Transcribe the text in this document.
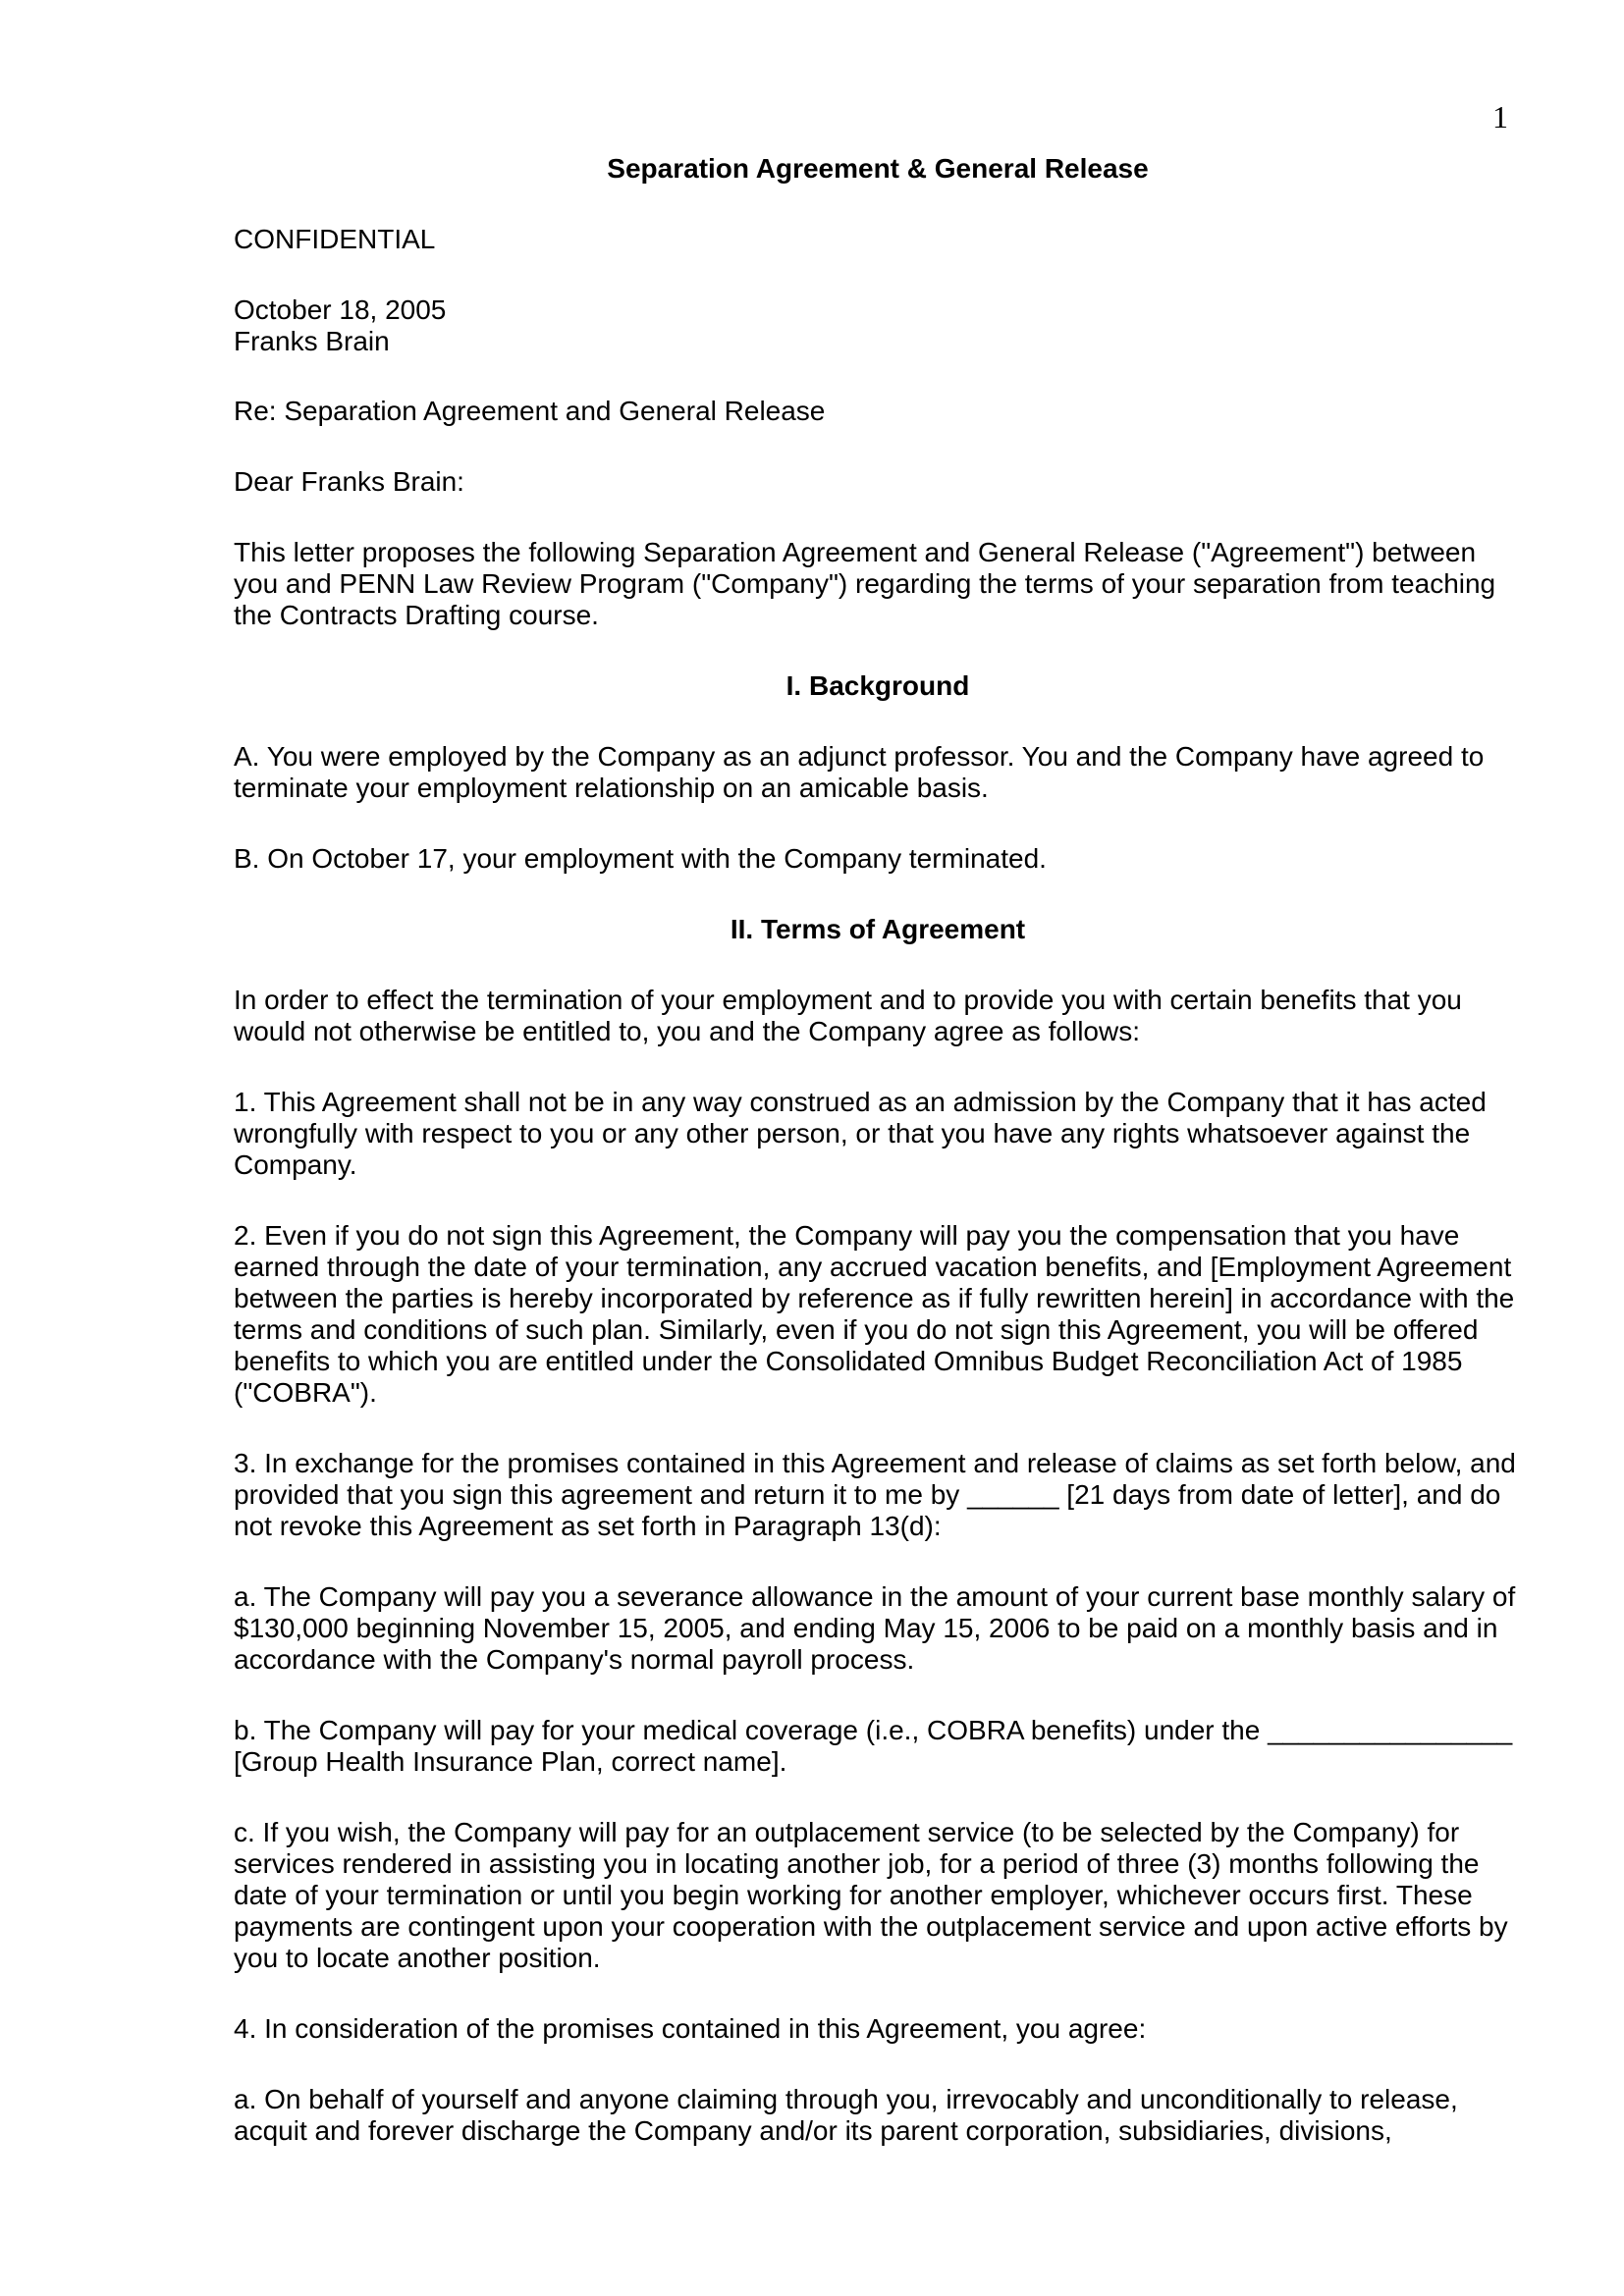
1
Separation Agreement & General Release
CONFIDENTIAL
October 18, 2005
Franks Brain
Re: Separation Agreement and General Release
Dear Franks Brain:
This letter proposes the following Separation Agreement and General Release ("Agreement") between
you and PENN Law Review Program ("Company") regarding the terms of your separation from teaching
the Contracts Drafting course.
I. Background
A. You were employed by the Company as an adjunct professor. You and the Company have agreed to
terminate your employment relationship on an amicable basis.
B. On October 17, your employment with the Company terminated.
II. Terms of Agreement
In order to effect the termination of your employment and to provide you with certain benefits that you
would not otherwise be entitled to, you and the Company agree as follows:
1. This Agreement shall not be in any way construed as an admission by the Company that it has acted
wrongfully with respect to you or any other person, or that you have any rights whatsoever against the
Company.
2. Even if you do not sign this Agreement, the Company will pay you the compensation that you have
earned through the date of your termination, any accrued vacation benefits, and [Employment Agreement
between the parties is hereby incorporated by reference as if fully rewritten herein] in accordance with the
terms and conditions of such plan. Similarly, even if you do not sign this Agreement, you will be offered
benefits to which you are entitled under the Consolidated Omnibus Budget Reconciliation Act of 1985
("COBRA").
3. In exchange for the promises contained in this Agreement and release of claims as set forth below, and
provided that you sign this agreement and return it to me by ______ [21 days from date of letter], and do
not revoke this Agreement as set forth in Paragraph 13(d):
a. The Company will pay you a severance allowance in the amount of your current base monthly salary of
$130,000 beginning November 15, 2005, and ending May 15, 2006 to be paid on a monthly basis and in
accordance with the Company's normal payroll process.
b. The Company will pay for your medical coverage (i.e., COBRA benefits) under the ________________
[Group Health Insurance Plan, correct name].
c. If you wish, the Company will pay for an outplacement service (to be selected by the Company) for
services rendered in assisting you in locating another job, for a period of three (3) months following the
date of your termination or until you begin working for another employer, whichever occurs first. These
payments are contingent upon your cooperation with the outplacement service and upon active efforts by
you to locate another position.
4. In consideration of the promises contained in this Agreement, you agree:
a. On behalf of yourself and anyone claiming through you, irrevocably and unconditionally to release,
acquit and forever discharge the Company and/or its parent corporation, subsidiaries, divisions,
